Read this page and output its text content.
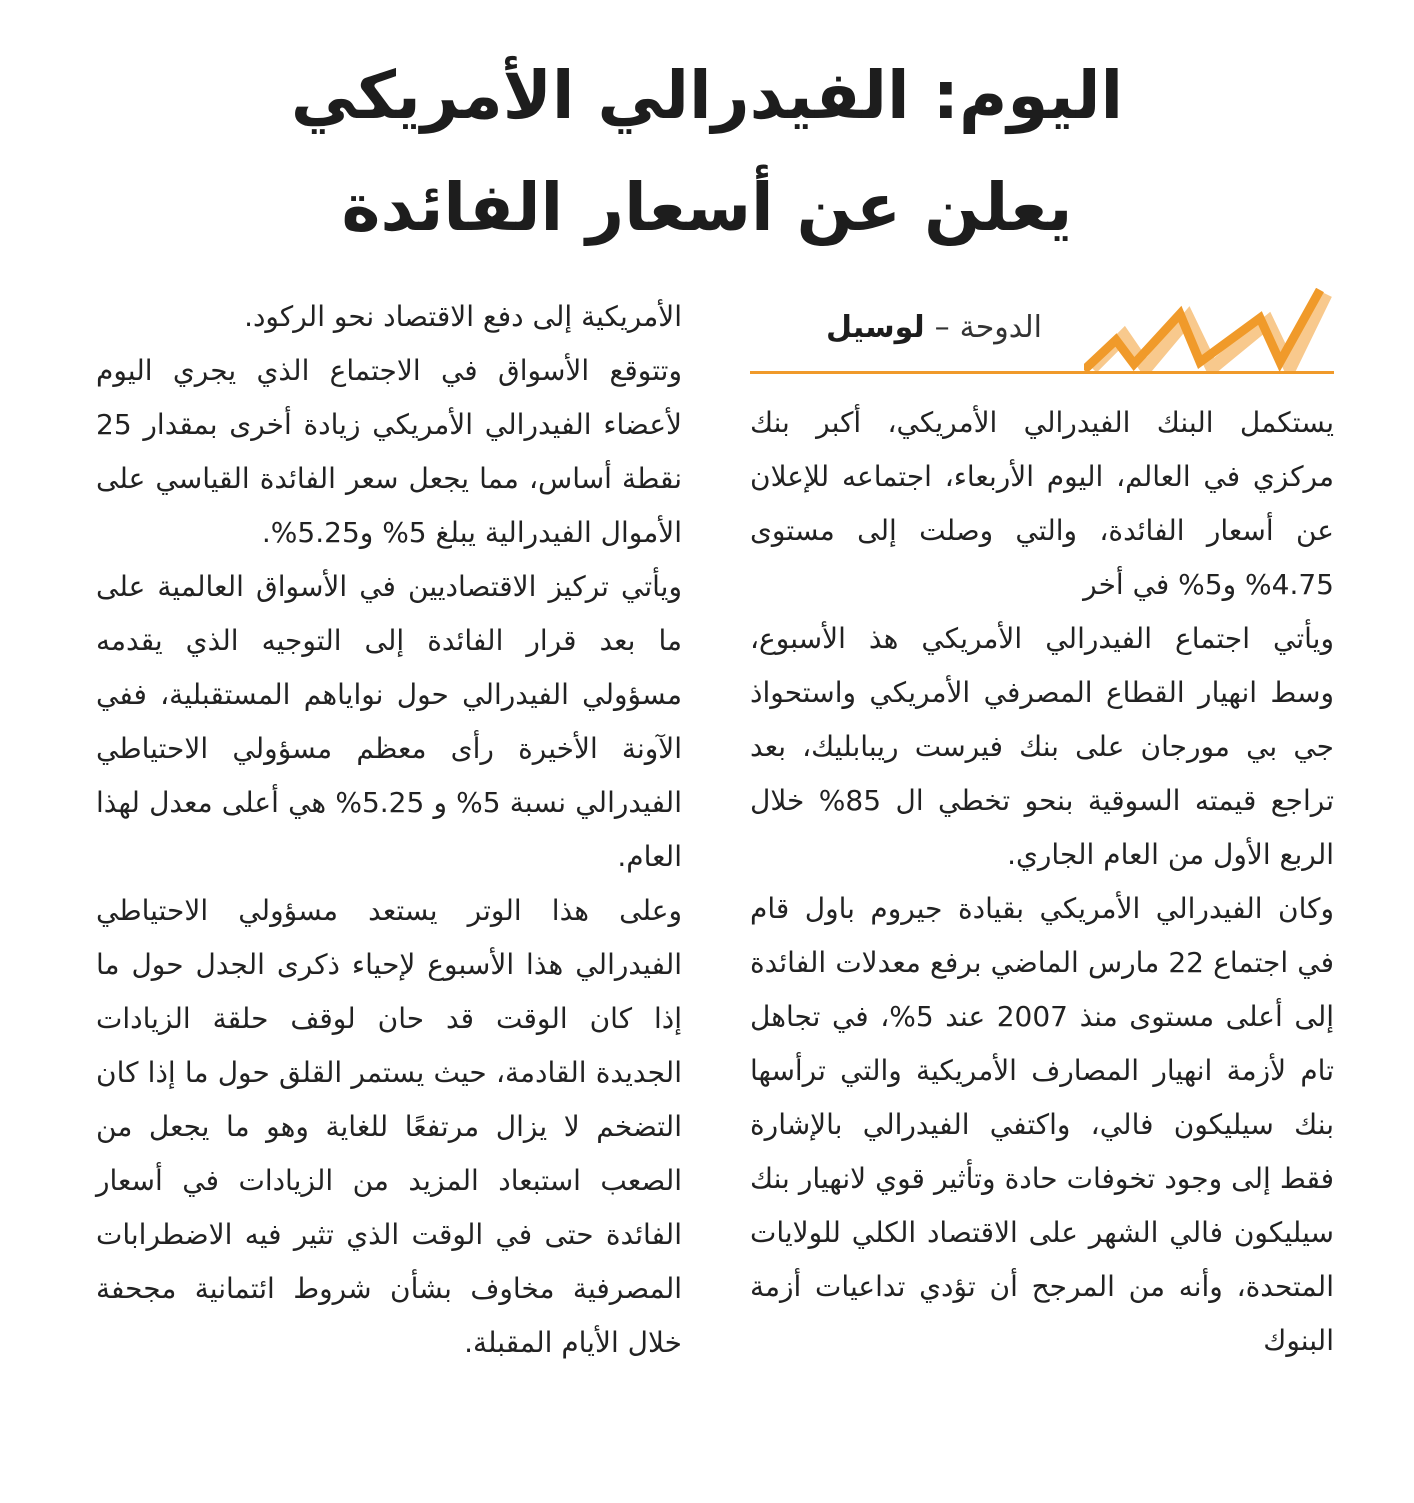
اليوم: الفيدرالي الأمريكي
يعلن عن أسعار الفائدة
الدوحة–لوسيل

يستكمل البنك الفيدرالي الأمريكي، أكبر بنك مركزي في العالم، اليوم الأربعاء، اجتماعه للإعلان عن أسعار الفائدة، والتي وصلت إلى مستوى 4.75% و5% في أخر

ويأتي اجتماع الفيدرالي الأمريكي هذ الأسبوع، وسط انهيار القطاع المصرفي الأمريكي واستحواذ جي بي مورجان على بنك فيرست ريبابليك، بعد تراجع قيمته السوقية بنحو تخطي ال 85% خلال الربع الأول من العام الجاري.

وكان الفيدرالي الأمريكي بقيادة جيروم باول قام في اجتماع 22 مارس الماضي برفع معدلات الفائدة إلى أعلى مستوى منذ 2007 عند 5%، في تجاهل تام لأزمة انهيار المصارف الأمريكية والتي ترأسها بنك سيليكون فالي، واكتفي الفيدرالي بالإشارة فقط إلى وجود تخوفات حادة وتأثير قوي لانهيار بنك سيليكون فالي الشهر على الاقتصاد الكلي للولايات المتحدة، وأنه من المرجح أن تؤدي تداعيات أزمة البنوك

الأمريكية إلى دفع الاقتصاد نحو الركود.

وتتوقع الأسواق في الاجتماع الذي يجري اليوم لأعضاء الفيدرالي الأمريكي زيادة أخرى بمقدار 25 نقطة أساس، مما يجعل سعر الفائدة القياسي على الأموال الفيدرالية يبلغ 5% و5.25%.

ويأتي تركيز الاقتصاديين في الأسواق العالمية على ما بعد قرار الفائدة إلى التوجيه الذي يقدمه مسؤولي الفيدرالي حول نواياهم المستقبلية، ففي الآونة الأخيرة رأى معظم مسؤولي الاحتياطي الفيدرالي نسبة 5% و 5.25% هي أعلى معدل لهذا العام.

وعلى هذا الوتر يستعد مسؤولي الاحتياطي الفيدرالي هذا الأسبوع لإحياء ذكرى الجدل حول ما إذا كان الوقت قد حان لوقف حلقة الزيادات الجديدة القادمة، حيث يستمر القلق حول ما إذا كان التضخم لا يزال مرتفعًا للغاية وهو ما يجعل من الصعب استبعاد المزيد من الزيادات في أسعار الفائدة حتى في الوقت الذي تثير فيه الاضطرابات المصرفية مخاوف بشأن شروط ائتمانية مجحفة خلال الأيام المقبلة.
